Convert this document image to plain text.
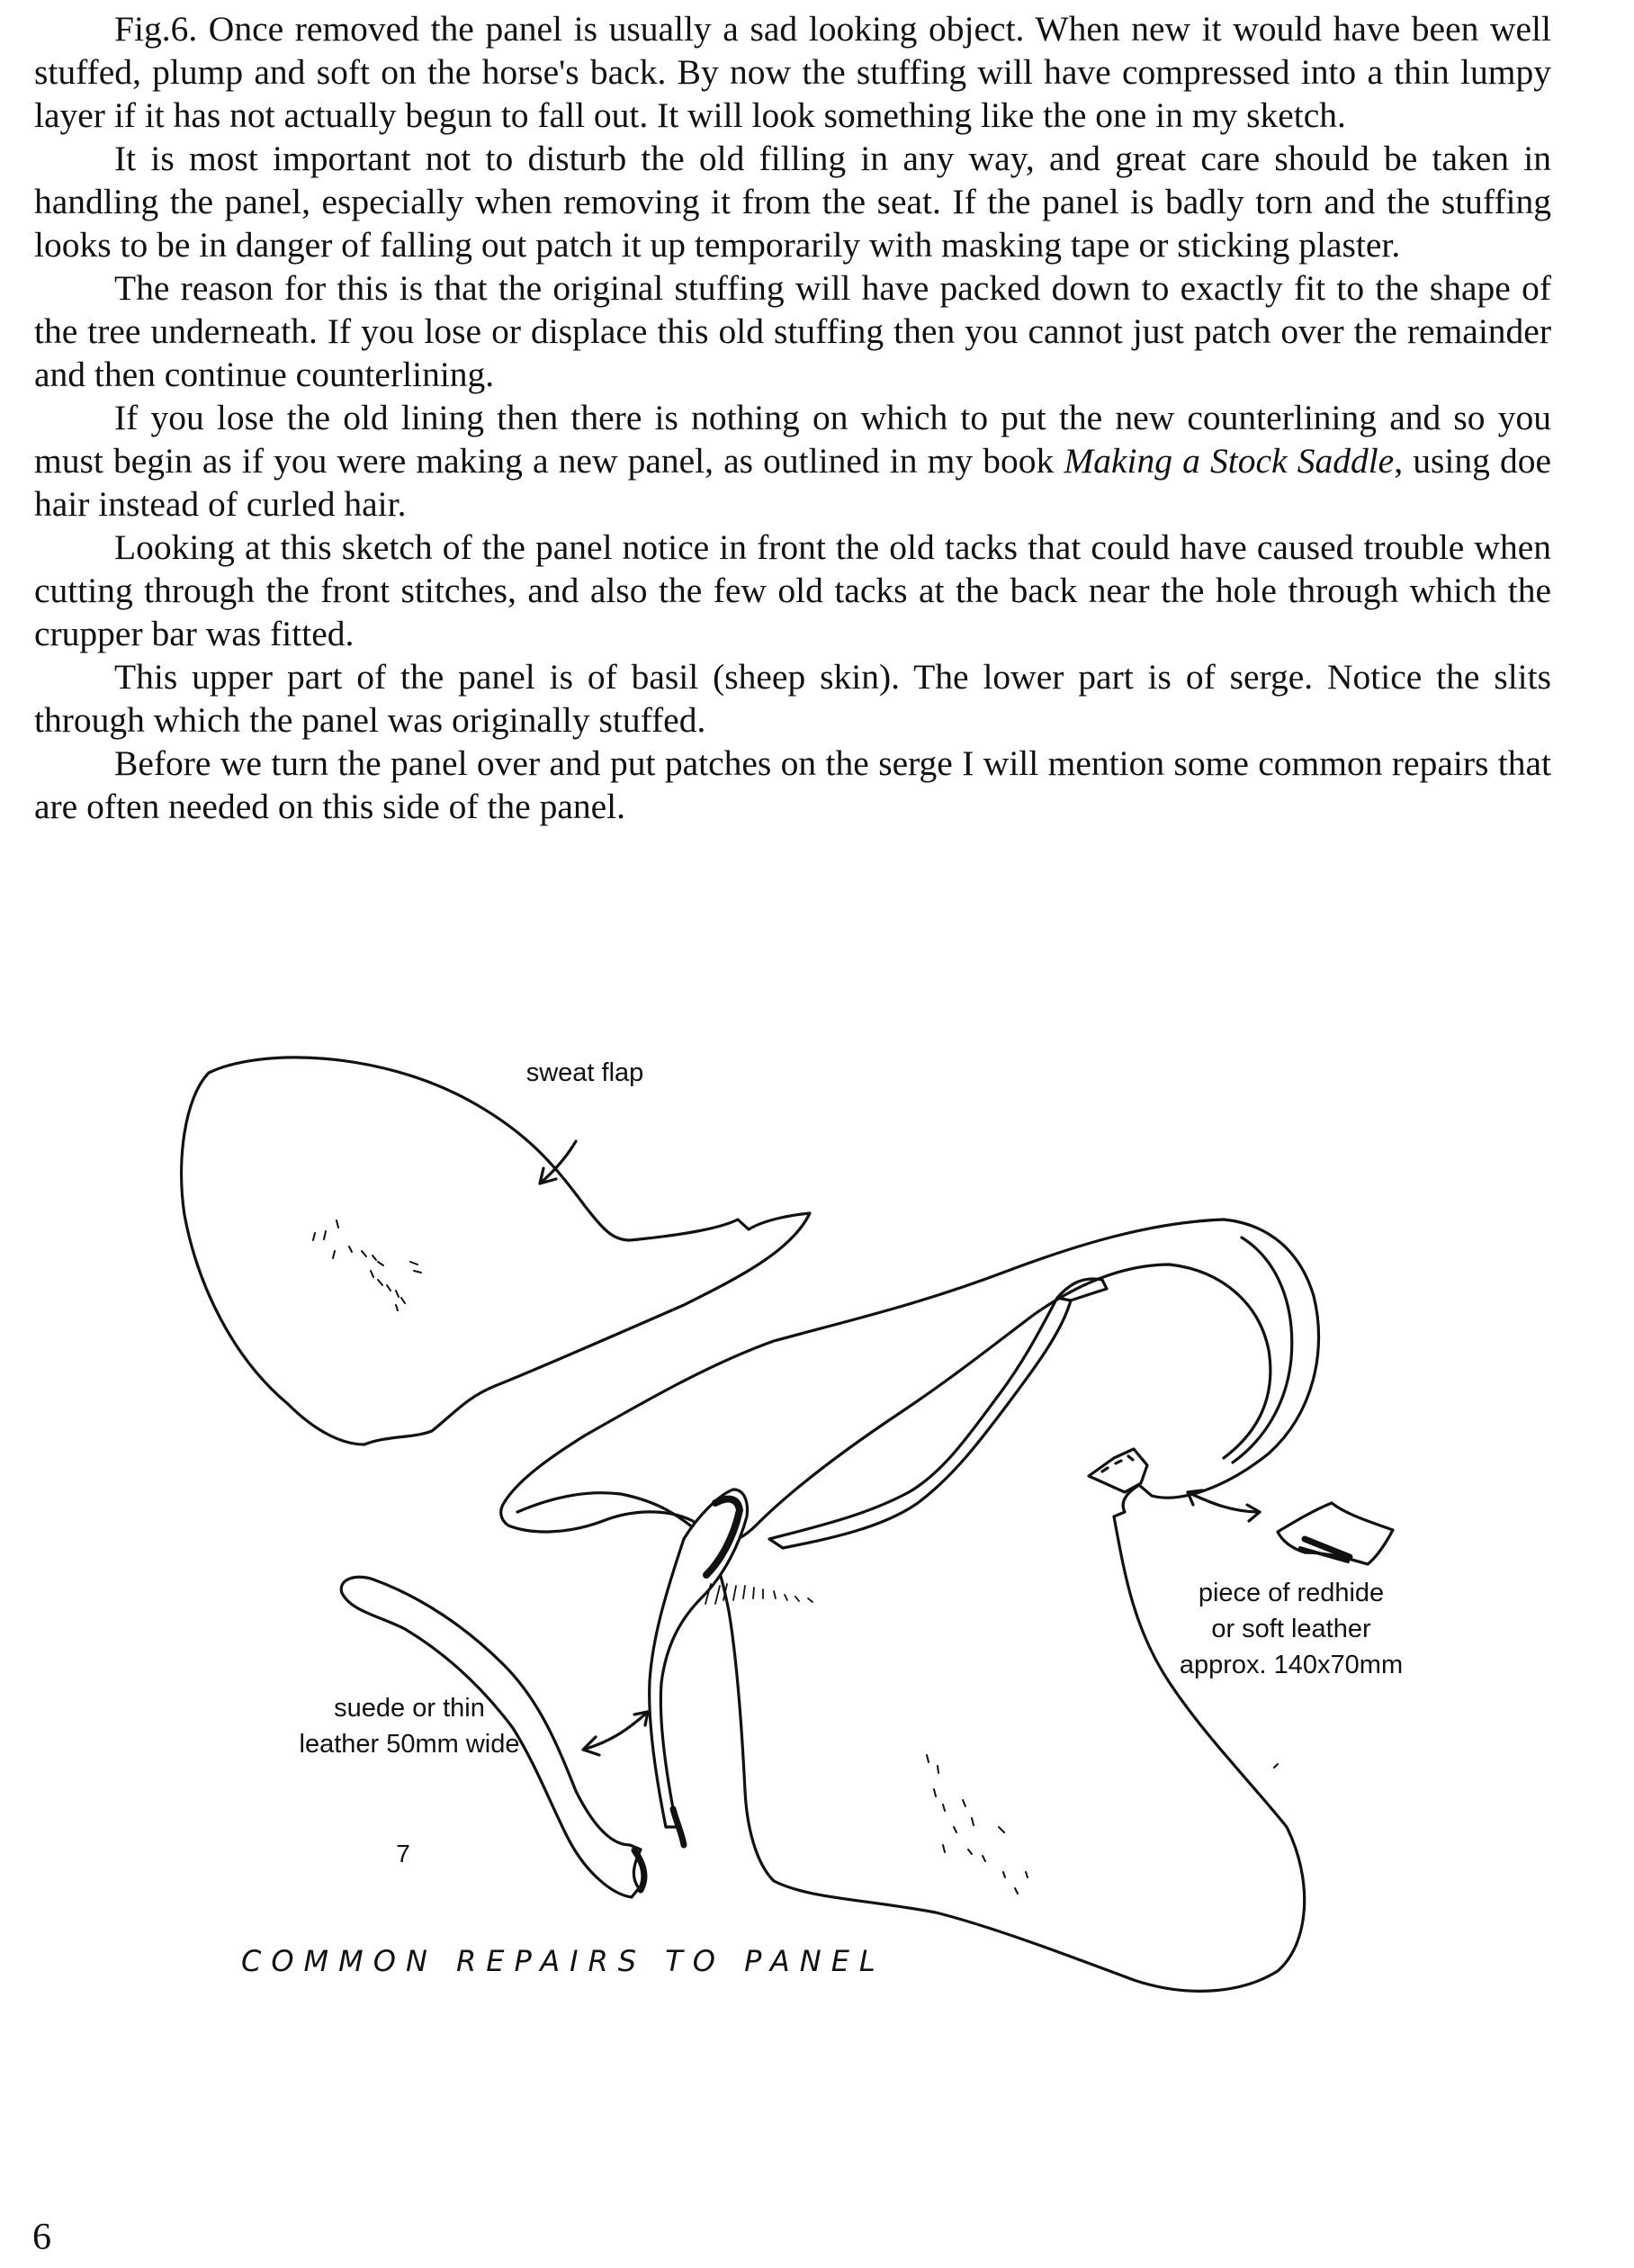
Fig.6. Once removed the panel is usually a sad looking object. When new it would have been well stuffed, plump and soft on the horse's back. By now the stuffing will have compressed into a thin lumpy layer if it has not actually begun to fall out. It will look something like the one in my sketch.

It is most important not to disturb the old filling in any way, and great care should be taken in handling the panel, especially when removing it from the seat. If the panel is badly torn and the stuffing looks to be in danger of falling out patch it up temporarily with masking tape or sticking plaster.

The reason for this is that the original stuffing will have packed down to exactly fit to the shape of the tree underneath. If you lose or displace this old stuffing then you cannot just patch over the remainder and then continue counterlining.

If you lose the old lining then there is nothing on which to put the new counterlining and so you must begin as if you were making a new panel, as outlined in my book Making a Stock Saddle, using doe hair instead of curled hair.

Looking at this sketch of the panel notice in front the old tacks that could have caused trouble when cutting through the front stitches, and also the few old tacks at the back near the hole through which the crupper bar was fitted.

This upper part of the panel is of basil (sheep skin). The lower part is of serge. Notice the slits through which the panel was originally stuffed.

Before we turn the panel over and put patches on the serge I will mention some common repairs that are often needed on this side of the panel.

sweat flap
suede or thin
leather 50mm wide
piece of redhide
or soft leather
approx. 140x70mm
7
COMMON REPAIRS TO PANEL
6
